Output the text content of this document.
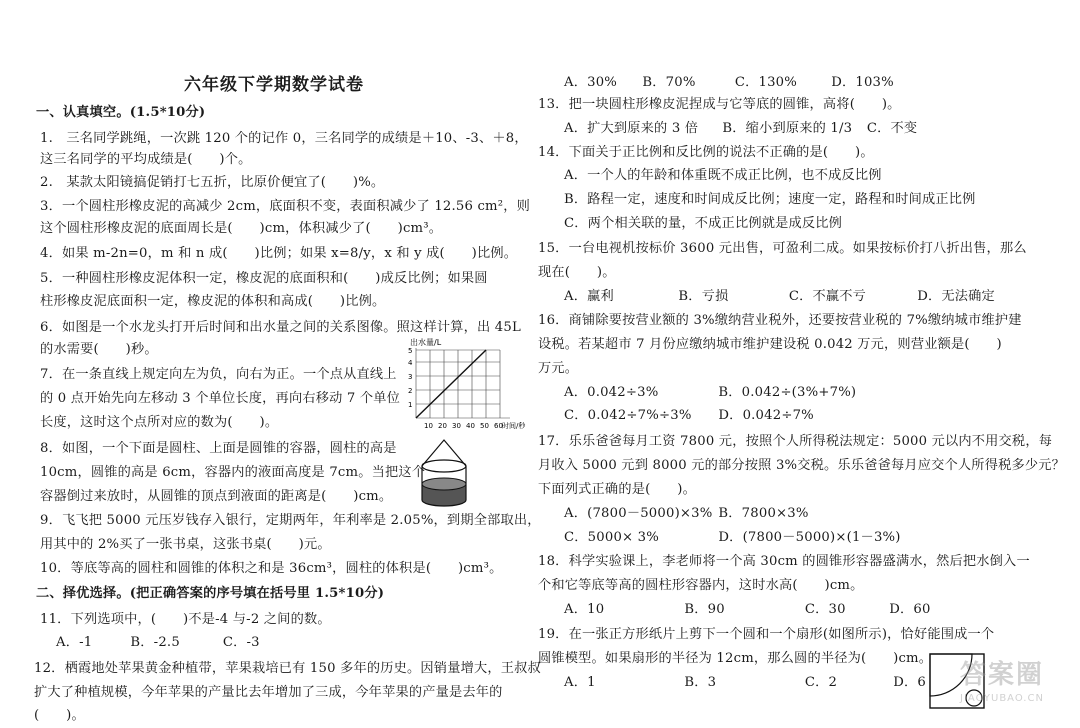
六年级下学期数学试卷
一、认真填空。(1.5*10分)
1.　三名同学跳绳，一次跳 120 个的记作 0，三名同学的成绩是＋10、-3、＋8，
这三名同学的平均成绩是(　　)个。
2.　某款太阳镜搞促销打七五折，比原价便宜了(　　)%。
3．一个圆柱形橡皮泥的高减少 2cm，底面积不变，表面积减少了 12.56 cm²，则
这个圆柱形橡皮泥的底面周长是(　　)cm，体积减少了(　　)cm³。
4．如果 m-2n=0，m 和 n 成(　　)比例；如果 x=8/y，x 和 y 成(　　)比例。
5．一种圆柱形橡皮泥体积一定，橡皮泥的底面积和(　　)成反比例；如果圆
柱形橡皮泥底面积一定，橡皮泥的体积和高成(　　)比例。
6．如图是一个水龙头打开后时间和出水量之间的关系图像。照这样计算，出 45L
的水需要(　　)秒。
7．在一条直线上规定向左为负，向右为正。一个点从直线上
的 0 点开始先向左移动 3 个单位长度，再向右移动 7 个单位
长度，这时这个点所对应的数为(　　)。
8．如图，一个下面是圆柱、上面是圆锥的容器，圆柱的高是
10cm，圆锥的高是 6cm，容器内的液面高度是 7cm。当把这个
容器倒过来放时，从圆锥的顶点到液面的距离是(　　)cm。
9．飞飞把 5000 元压岁钱存入银行，定期两年，年利率是 2.05%，到期全部取出，
用其中的 2%买了一张书桌，这张书桌(　　)元。
10．等底等高的圆柱和圆锥的体积之和是 36cm³，圆柱的体积是(　　)cm³。
二、择优选择。(把正确答案的序号填在括号里 1.5*10分)
11．下列选项中，(　　)不是-4 与-2 之间的数。
A．-1	B．-2.5	C．-3
12．栖霞地处苹果黄金种植带，苹果栽培已有 150 多年的历史。因销量增大，王叔叔
扩大了种植规模，今年苹果的产量比去年增加了三成，今年苹果的产量是去年的
(　　)。
出水量/L
5
4
3
2
1
10 20 30 40 50 60 时间/秒
A．30% B．70%	C．130%	D．103%
13．把一块圆柱形橡皮泥捏成与它等底的圆锥，高将(　　)。
A．扩大到原来的 3 倍 B．缩小到原来的 1/3 C．不变
14．下面关于正比例和反比例的说法不正确的是(　　)。
A．一个人的年龄和体重既不成正比例，也不成反比例
B．路程一定，速度和时间成反比例；速度一定，路程和时间成正比例
C．两个相关联的量，不成正比例就是成反比例
15．一台电视机按标价 3600 元出售，可盈利二成。如果按标价打八折出售，那么
现在(　　)。
A．赢利	B．亏损	C．不赢不亏	D．无法确定
16．商铺除要按营业额的 3%缴纳营业税外，还要按营业税的 7%缴纳城市维护建
设税。若某超市 7 月份应缴纳城市维护建设税 0.042 万元，则营业额是(　　)
万元。
A．0.042÷3%	B．0.042÷(3%+7%)
C．0.042÷7%÷3% D．0.042÷7%
17．乐乐爸爸每月工资 7800 元，按照个人所得税法规定：5000 元以内不用交税，每
月收入 5000 元到 8000 元的部分按照 3%交税。乐乐爸爸每月应交个人所得税多少元？
下面列式正确的是(　　)。
A．(7800－5000)×3% B．7800×3%
C．5000× 3%	D．(7800－5000)×(1－3%)
18．科学实验课上，李老师将一个高 30cm 的圆锥形容器盛满水，然后把水倒入一
个和它等底等高的圆柱形容器内，这时水高(　　)cm。
A．10	B．90	C．30	D．60
19．在一张正方形纸片上剪下一个圆和一个扇形(如图所示)，恰好能围成一个
圆锥模型。如果扇形的半径为 12cm，那么圆的半径为(　　)cm。
A．1	B．3	C．2	D．6 答案圈
JIAOYUBAO.CN
